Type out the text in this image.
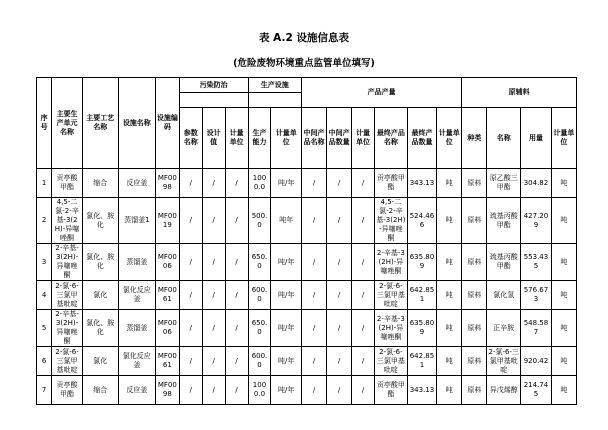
表 A.2 设施信息表
(危险废物环境重点监管单位填写)
序号	主要生产单元名称	主要工艺名称	设施名称	设施编码	污染防治			生产设施		产品产量						原辅料			

					参数名称	设计值	计量单位	生产能力	计量单位	中间产品名称	中间产品数量	计量单位	最终产品名称	最终产品数量	计量单位	种类	名称	用量	计量单位
1	贡亭酸甲酯	缩合	反应釜	MF0098	/	/	/	1000.0	吨/年	/	/	/	贡亭酸甲酯	343.13	吨	原料	原乙酸三甲酯	304.82	吨
2	4,5-二氯-2-辛基-3(2H)-异噻唑酮	氯化、胺化	蒸馏釜1	MF0019	/	/	/	500.0	吨年	/	/	/	4,5-二氯-2-辛基-3(2H)-异噻唑酮	524.466	吨	原料	巯基丙酸甲酯	427.209	吨
3	2-辛基-3(2H)-异噻唑酮	氯化、胺化	蒸馏釜	MF0006	/	/	/	650.0	吨/年	/	/	/	2-辛基-3(2H)-异噻唑酮	635.809	吨	原料	巯基丙酸甲酯	553.435	吨
4	2-氯-6-三氯甲基吡啶	氯化	氯化反应釜	MF0061	/	/	/	600.0	吨/年	/	/	/	2-氯-6-三氯甲基吡啶	642.851	吨	原料	氯化氢	576.673	吨
5	2-辛基-3(2H)-异噻唑酮	氯化、胺化	蒸馏釜	MF0006	/	/	/	650.0	吨/年	/	/	/	2-辛基-3(2H)-异噻唑酮	635.809	吨	原料	正辛胺	548.587	吨
6	2-氯-6-三氯甲基吡啶	氯化	氯化反应釜	MF0061	/	/	/	600.0	吨/年	/	/	/	2-氯-6-三氯甲基吡啶	642.851	吨	原料	2-氯-6-三氯甲基吡啶	920.42	吨
7	贡亭酸甲酯	缩合	反应釜	MF0098	/	/	/	1000.0	吨/年	/	/	/	贡亭酸甲酯	343.13	吨	原料	异戊烯醇	214.745	吨
